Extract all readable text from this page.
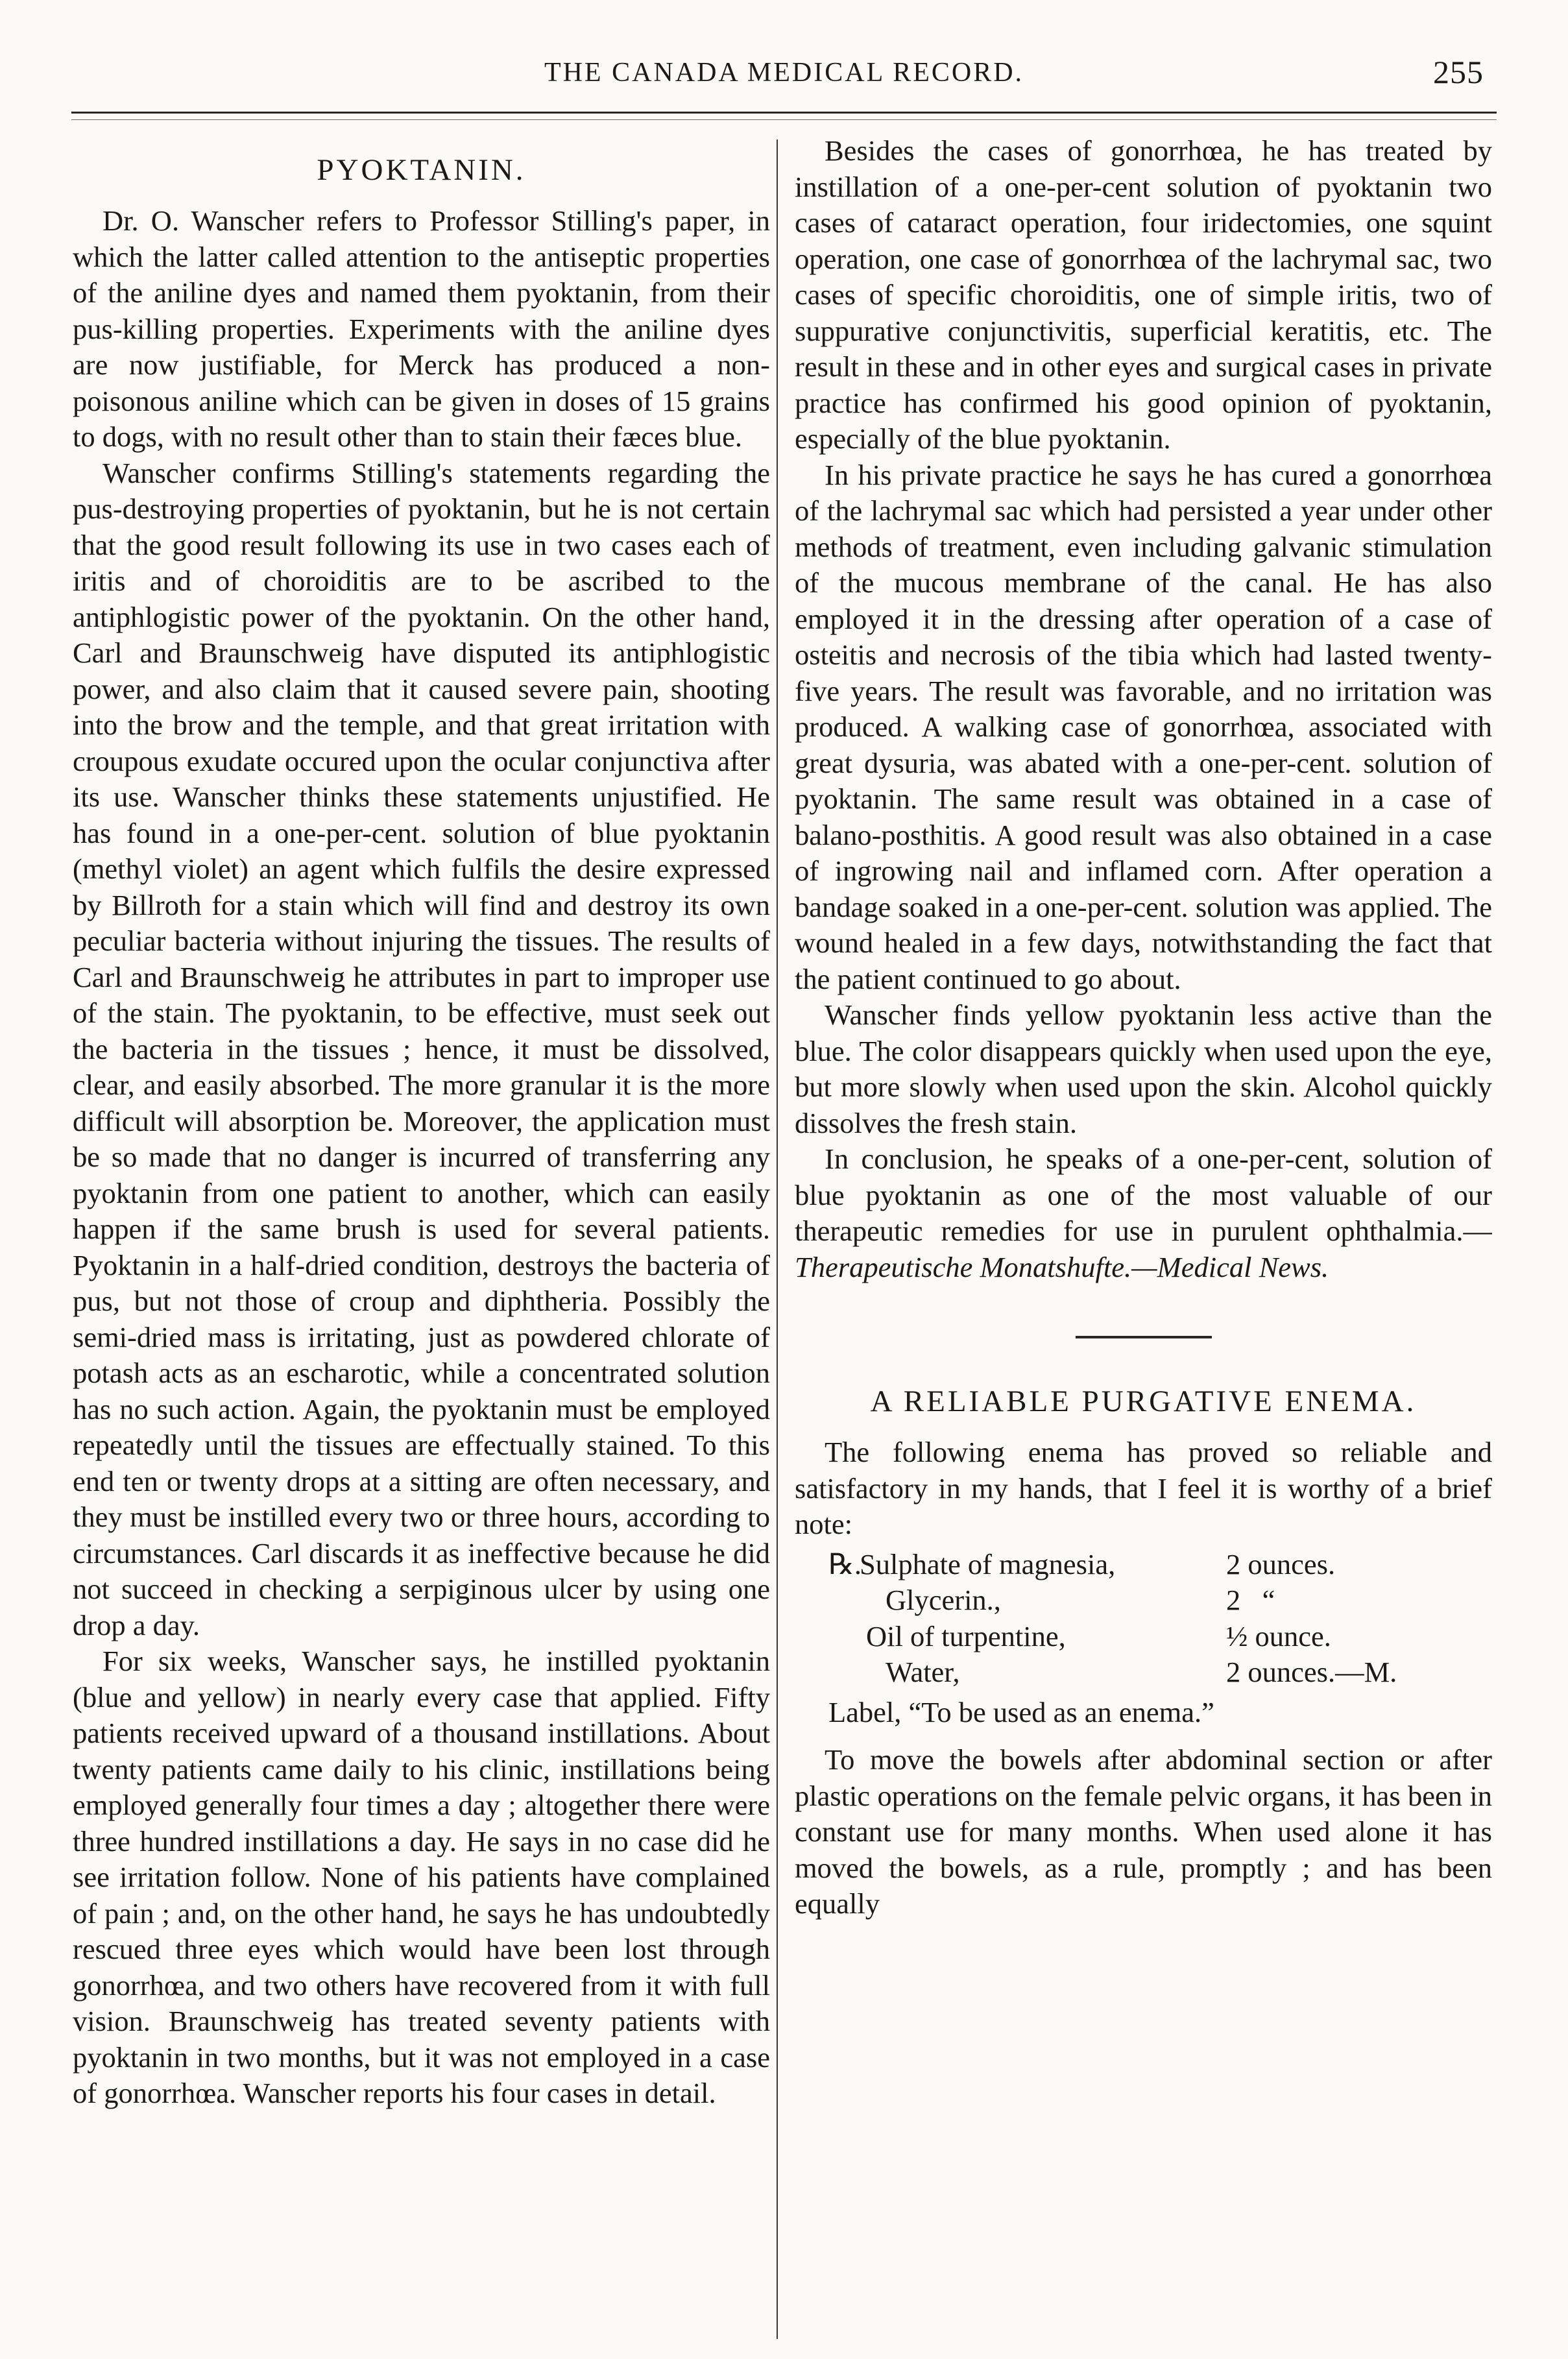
THE CANADA MEDICAL RECORD.	255
PYOKTANIN.

Dr. O. Wanscher refers to Professor Stilling's paper, in which the latter called attention to the antiseptic properties of the aniline dyes and named them pyoktanin, from their pus-killing properties. Experiments with the aniline dyes are now justifiable, for Merck has produced a non-poisonous aniline which can be given in doses of 15 grains to dogs, with no result other than to stain their fæces blue.

Wanscher confirms Stilling's statements regarding the pus-destroying properties of pyoktanin, but he is not certain that the good result following its use in two cases each of iritis and of choroiditis are to be ascribed to the antiphlogistic power of the pyoktanin. On the other hand, Carl and Braunschweig have disputed its antiphlogistic power, and also claim that it caused severe pain, shooting into the brow and the temple, and that great irritation with croupous exudate occured upon the ocular conjunctiva after its use. Wanscher thinks these statements unjustified. He has found in a one-per-cent. solution of blue pyoktanin (methyl violet) an agent which fulfils the desire expressed by Billroth for a stain which will find and destroy its own peculiar bacteria without injuring the tissues. The results of Carl and Braunschweig he attributes in part to improper use of the stain. The pyoktanin, to be effective, must seek out the bacteria in the tissues ; hence, it must be dissolved, clear, and easily absorbed. The more granular it is the more difficult will absorption be. Moreover, the application must be so made that no danger is incurred of transferring any pyoktanin from one patient to another, which can easily happen if the same brush is used for several patients. Pyoktanin in a half-dried condition, destroys the bacteria of pus, but not those of croup and diphtheria. Possibly the semi-dried mass is irritating, just as powdered chlorate of potash acts as an escharotic, while a concentrated solution has no such action. Again, the pyoktanin must be employed repeatedly until the tissues are effectually stained. To this end ten or twenty drops at a sitting are often necessary, and they must be instilled every two or three hours, according to circumstances. Carl discards it as ineffective because he did not succeed in checking a serpiginous ulcer by using one drop a day.

For six weeks, Wanscher says, he instilled pyoktanin (blue and yellow) in nearly every case that applied. Fifty patients received upward of a thousand instillations. About twenty patients came daily to his clinic, instillations being employed generally four times a day ; altogether there were three hundred instillations a day. He says in no case did he see irritation follow. None of his patients have complained of pain ; and, on the other hand, he says he has undoubtedly rescued three eyes which would have been lost through gonorrhœa, and two others have recovered from it with full vision. Braunschweig has treated seventy patients with pyoktanin in two months, but it was not employed in a case of gonorrhœa. Wanscher reports his four cases in detail.

Besides the cases of gonorrhœa, he has treated by instillation of a one-per-cent solution of pyoktanin two cases of cataract operation, four iridectomies, one squint operation, one case of gonorrhœa of the lachrymal sac, two cases of specific choroiditis, one of simple iritis, two of suppurative conjunctivitis, superficial keratitis, etc. The result in these and in other eyes and surgical cases in private practice has confirmed his good opinion of pyoktanin, especially of the blue pyoktanin.

In his private practice he says he has cured a gonorrhœa of the lachrymal sac which had persisted a year under other methods of treatment, even including galvanic stimulation of the mucous membrane of the canal. He has also employed it in the dressing after operation of a case of osteitis and necrosis of the tibia which had lasted twenty-five years. The result was favorable, and no irritation was produced. A walking case of gonorrhœa, associated with great dysuria, was abated with a one-per-cent. solution of pyoktanin. The same result was obtained in a case of balano-posthitis. A good result was also obtained in a case of ingrowing nail and inflamed corn. After operation a bandage soaked in a one-per-cent. solution was applied. The wound healed in a few days, notwithstanding the fact that the patient continued to go about.

Wanscher finds yellow pyoktanin less active than the blue. The color disappears quickly when used upon the eye, but more slowly when used upon the skin. Alcohol quickly dissolves the fresh stain.

In conclusion, he speaks of a one-per-cent, solution of blue pyoktanin as one of the most valuable of our therapeutic remedies for use in purulent ophthalmia.—Therapeutische Monatshufte.—Medical News.

A RELIABLE PURGATIVE ENEMA.

The following enema has proved so reliable and satisfactory in my hands, that I feel it is worthy of a brief note:

℞.
Sulphate of magnesia,	2 ounces.
Glycerin.,	2   “
Oil of turpentine,	½ ounce.
Water,	2 ounces.—M.
Label, “To be used as an enema.”

To move the bowels after abdominal section or after plastic operations on the female pelvic organs, it has been in constant use for many months. When used alone it has moved the bowels, as a rule, promptly ; and has been equally
